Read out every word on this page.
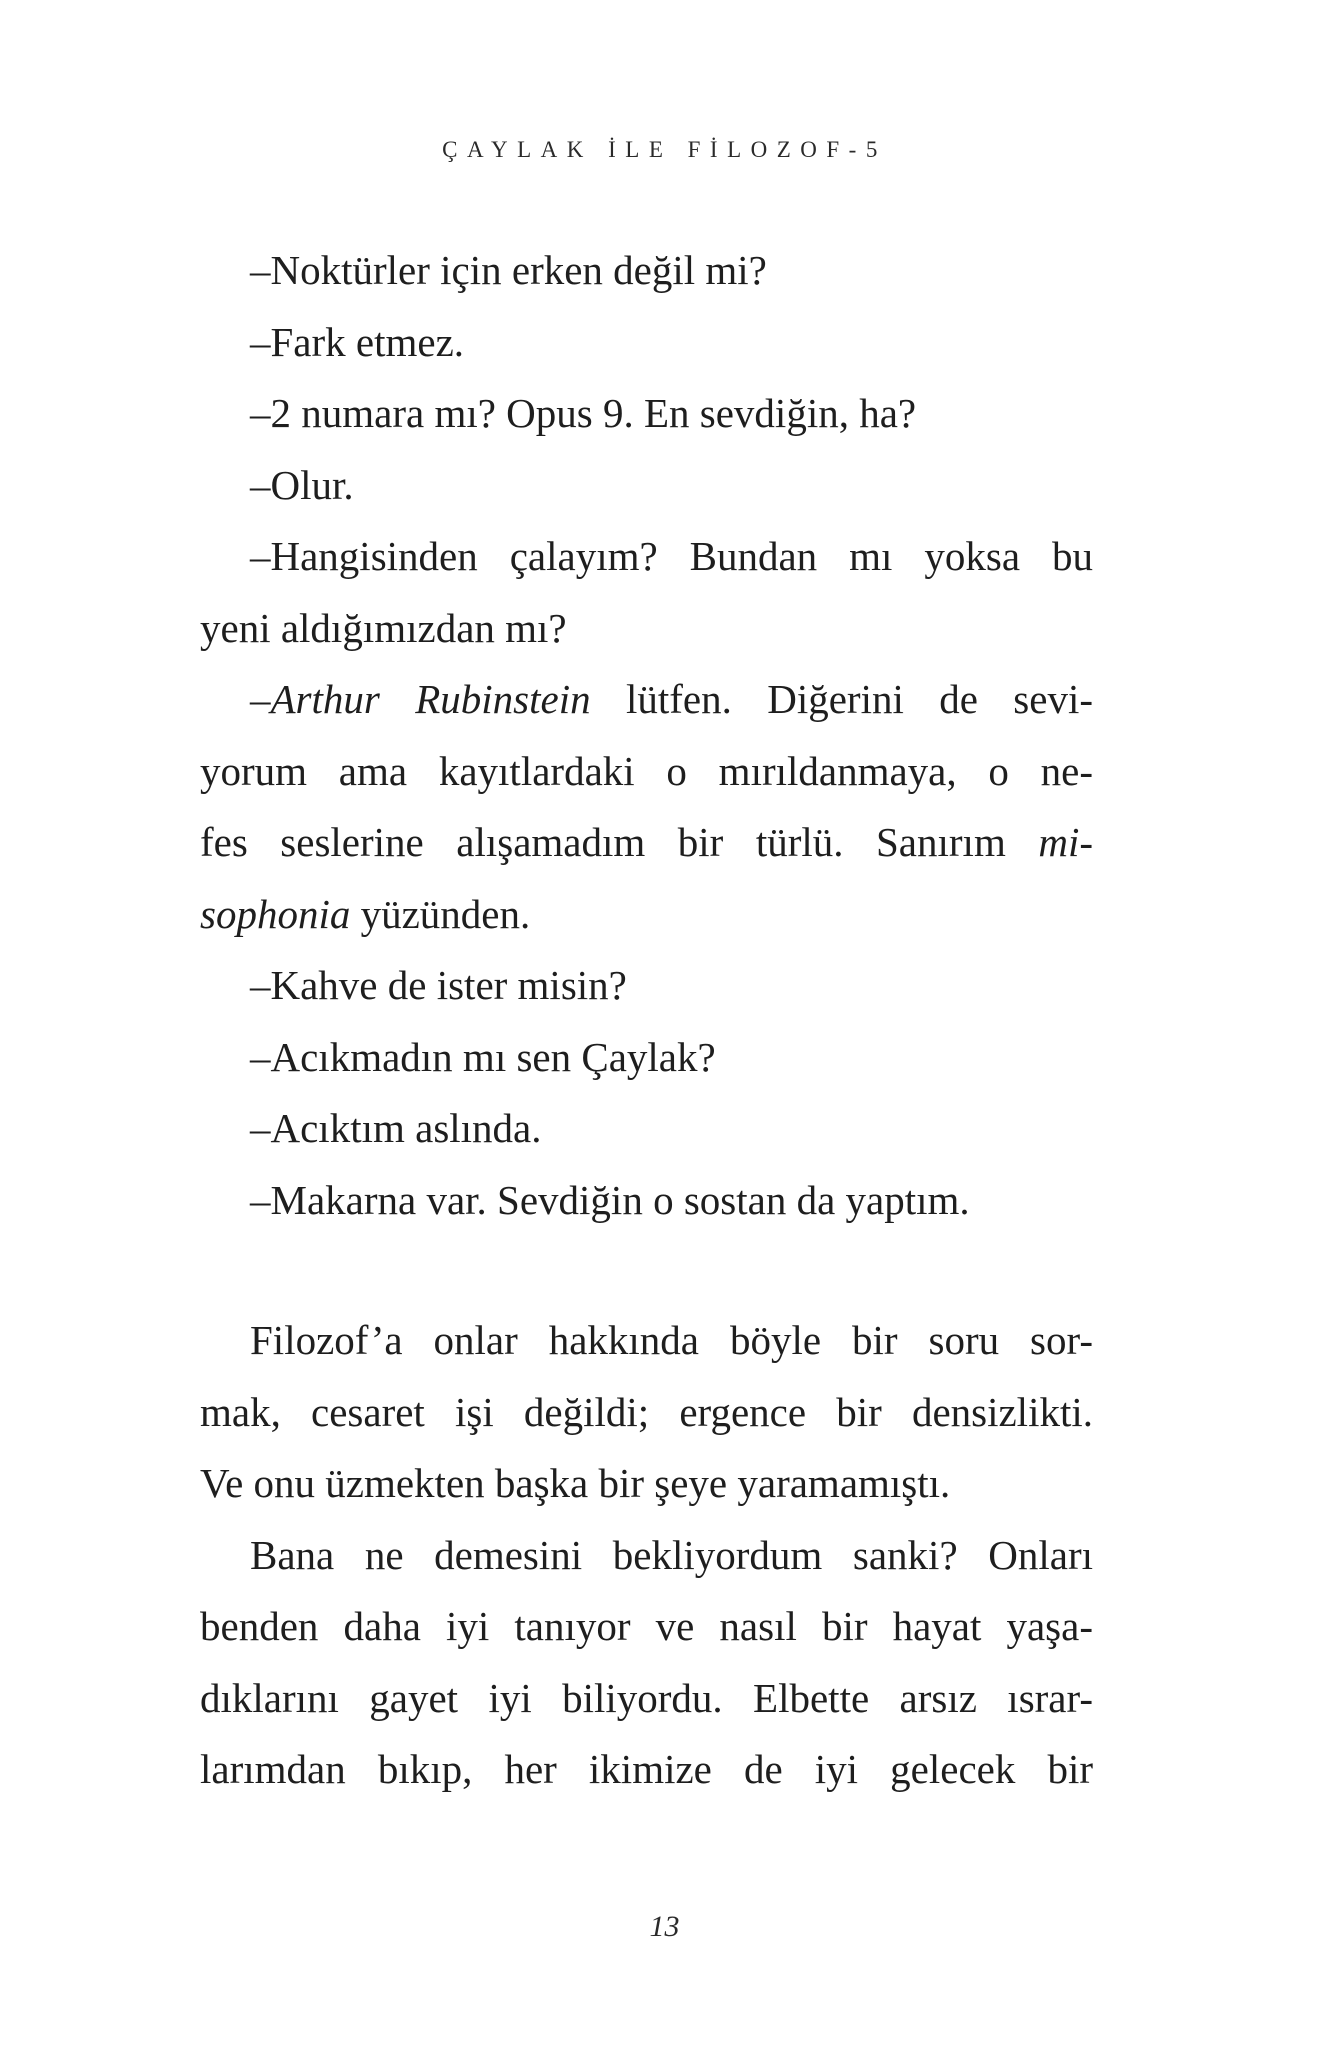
ÇAYLAK İLE FİLOZOF-5
–Noktürler için erken değil mi?
–Fark etmez.
–2 numara mı? Opus 9. En sevdiğin, ha?
–Olur.
–Hangisinden çalayım? Bundan mı yoksa bu
yeni aldığımızdan mı?
–Arthur Rubinstein lütfen. Diğerini de sevi-
yorum ama kayıtlardaki o mırıldanmaya, o ne-
fes seslerine alışamadım bir türlü. Sanırım mi-
sophonia yüzünden.
–Kahve de ister misin?
–Acıkmadın mı sen Çaylak?
–Acıktım aslında.
–Makarna var. Sevdiğin o sostan da yaptım.
Filozof’a onlar hakkında böyle bir soru sor-
mak, cesaret işi değildi; ergence bir densizlikti.
Ve onu üzmekten başka bir şeye yaramamıştı.
Bana ne demesini bekliyordum sanki? Onları
benden daha iyi tanıyor ve nasıl bir hayat yaşa-
dıklarını gayet iyi biliyordu. Elbette arsız ısrar-
larımdan bıkıp, her ikimize de iyi gelecek bir
13
